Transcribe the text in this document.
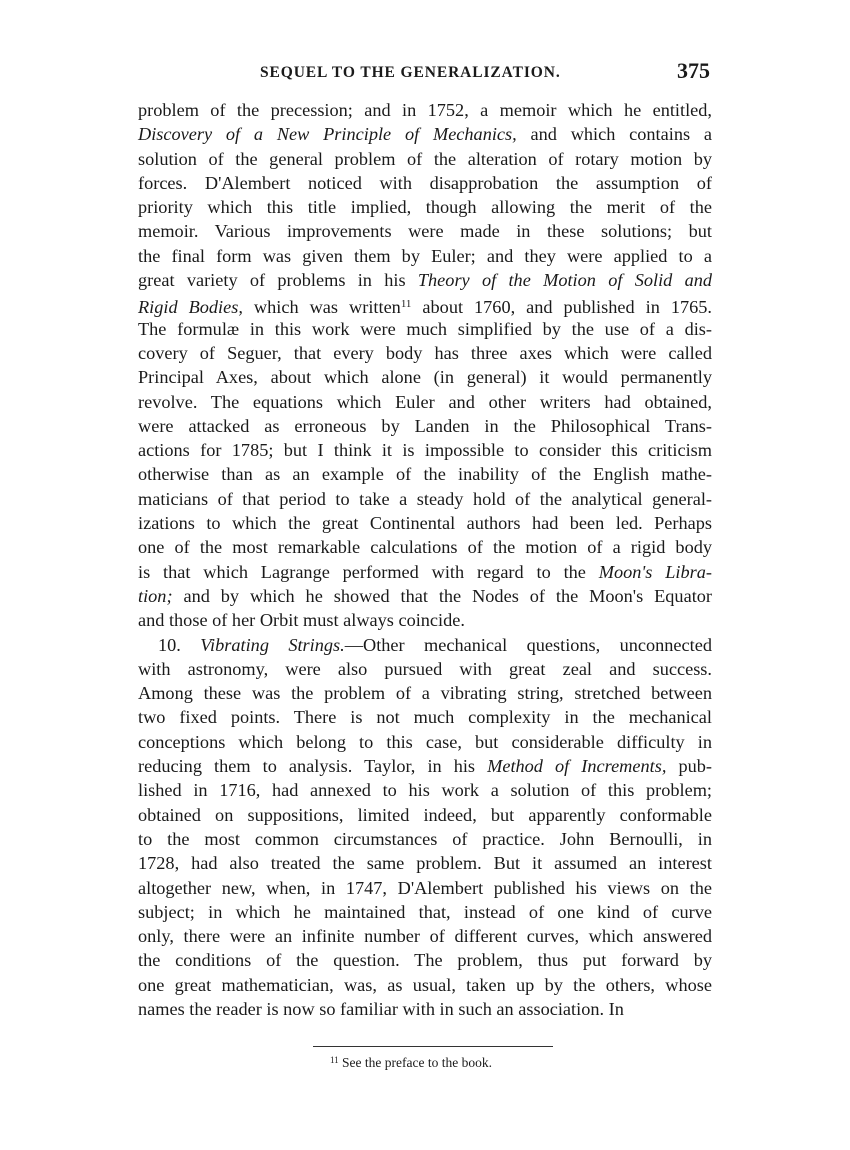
SEQUEL TO THE GENERALIZATION.	375
problem of the precession; and in 1752, a memoir which he entitled,
Discovery of a New Principle of Mechanics, and which contains a
solution of the general problem of the alteration of rotary motion by
forces. D'Alembert noticed with disapprobation the assumption of
priority which this title implied, though allowing the merit of the
memoir. Various improvements were made in these solutions; but
the final form was given them by Euler; and they were applied to a
great variety of problems in his Theory of the Motion of Solid and
Rigid Bodies, which was written$^{11}$ about 1760, and published in 1765.
The formulæ in this work were much simplified by the use of a dis-
covery of Seguer, that every body has three axes which were called
Principal Axes, about which alone (in general) it would permanently
revolve. The equations which Euler and other writers had obtained,
were attacked as erroneous by Landen in the Philosophical Trans-
actions for 1785; but I think it is impossible to consider this criticism
otherwise than as an example of the inability of the English mathe-
maticians of that period to take a steady hold of the analytical general-
izations to which the great Continental authors had been led. Perhaps
one of the most remarkable calculations of the motion of a rigid body
is that which Lagrange performed with regard to the Moon's Libra-
tion; and by which he showed that the Nodes of the Moon's Equator
and those of her Orbit must always coincide.
10. Vibrating Strings.—Other mechanical questions, unconnected
with astronomy, were also pursued with great zeal and success.
Among these was the problem of a vibrating string, stretched between
two fixed points. There is not much complexity in the mechanical
conceptions which belong to this case, but considerable difficulty in
reducing them to analysis. Taylor, in his Method of Increments, pub-
lished in 1716, had annexed to his work a solution of this problem;
obtained on suppositions, limited indeed, but apparently conformable
to the most common circumstances of practice. John Bernoulli, in
1728, had also treated the same problem. But it assumed an interest
altogether new, when, in 1747, D'Alembert published his views on the
subject; in which he maintained that, instead of one kind of curve
only, there were an infinite number of different curves, which answered
the conditions of the question. The problem, thus put forward by
one great mathematician, was, as usual, taken up by the others, whose
names the reader is now so familiar with in such an association. In
$^{11}$ See the preface to the book.
